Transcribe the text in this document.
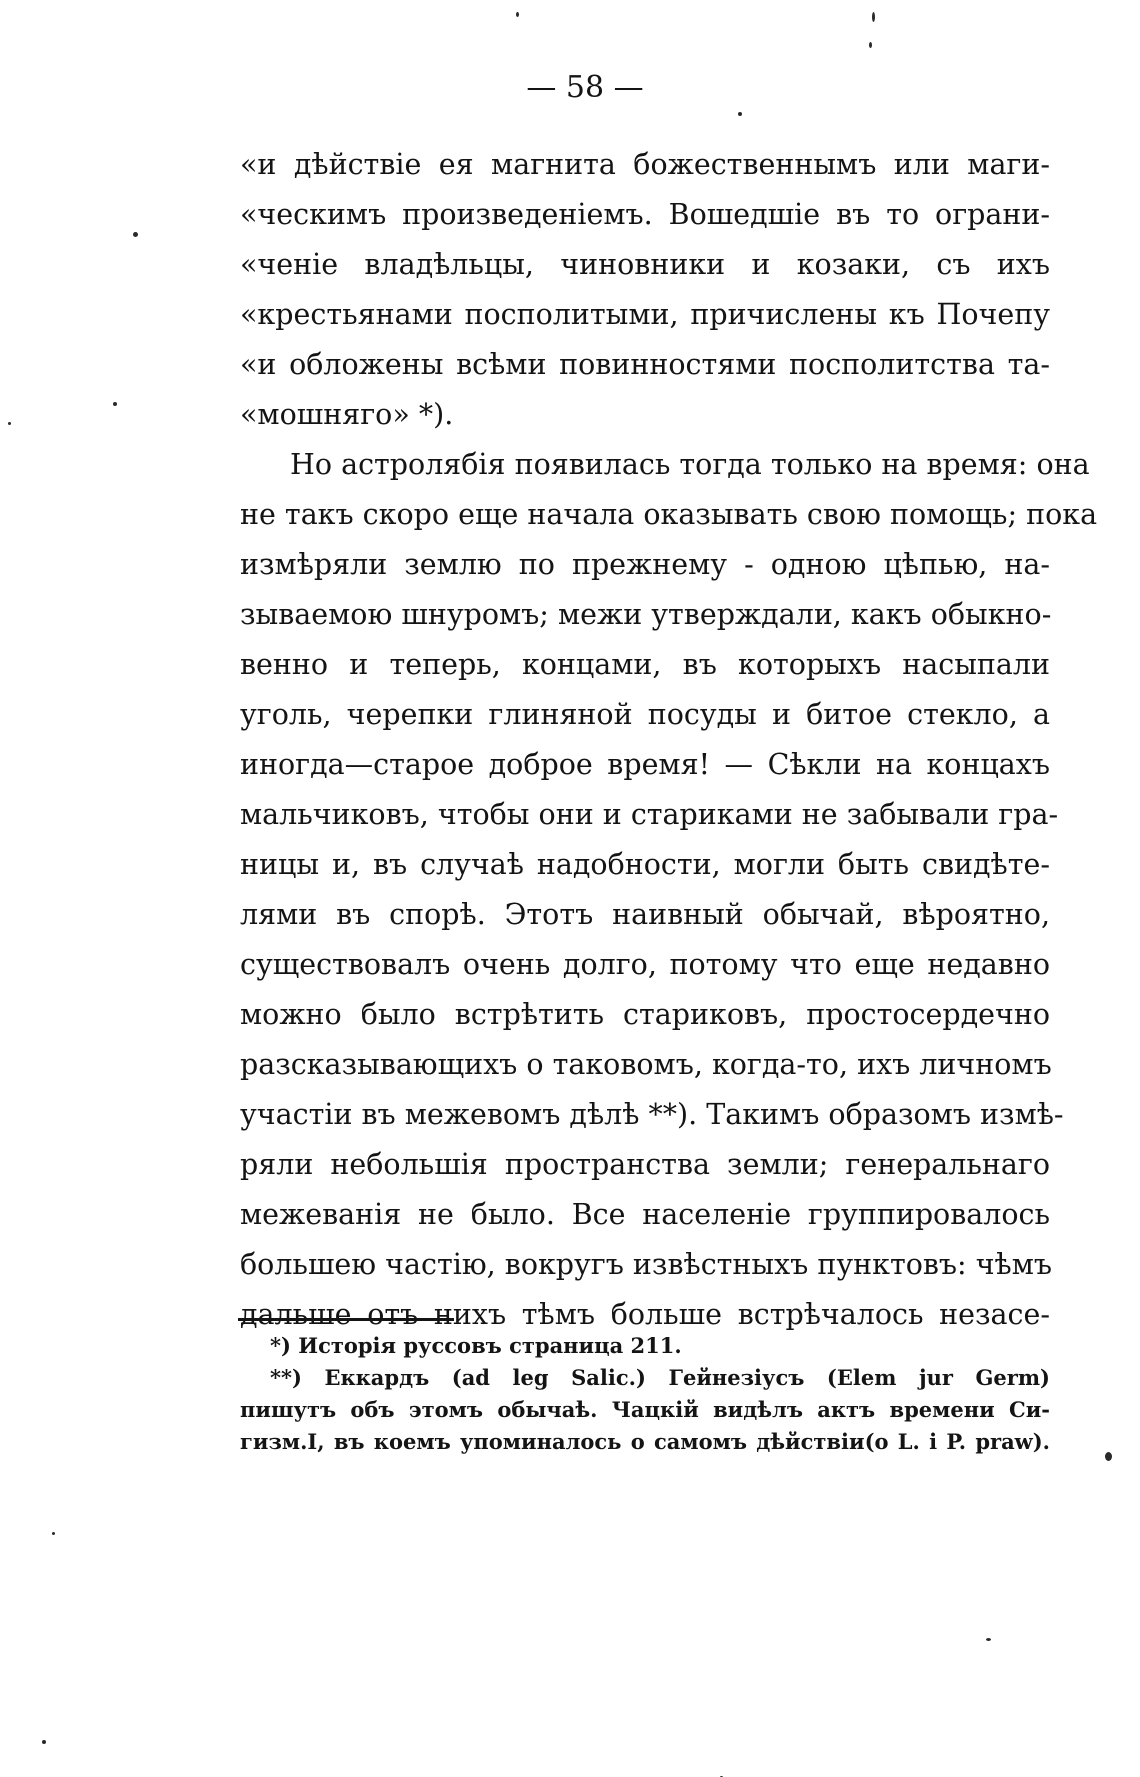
— 58 —
«и дѣйствіе ея магнита божественнымъ или маги-
«ческимъ произведеніемъ. Вошедшіе въ то ограни-
«ченіе владѣльцы, чиновники и козаки, съ ихъ
«крестьянами посполитыми, причислены къ Почепу
«и обложены всѣми повинностями посполитства та-
«мошняго» *).
Но астролябія появилась тогда только на время: она
не такъ скоро еще начала оказывать свою помощь; пока
измѣряли землю по прежнему - одною цѣпью, на-
зываемою шнуромъ; межи утверждали, какъ обыкно-
венно и теперь, концами, въ которыхъ насыпали
уголь, черепки глиняной посуды и битое стекло, а
иногда—старое доброе время! — Сѣкли на концахъ
мальчиковъ, чтобы они и стариками не забывали гра-
ницы и, въ случаѣ надобности, могли быть свидѣте-
лями въ спорѣ. Этотъ наивный обычай, вѣроятно,
существовалъ очень долго, потому что еще недавно
можно было встрѣтить стариковъ, простосердечно
разсказывающихъ о таковомъ, когда-то, ихъ личномъ
участіи въ межевомъ дѣлѣ **). Такимъ образомъ измѣ-
ряли небольшія пространства земли; генеральнаго
межеванія не было. Все населеніе группировалось
большею частію, вокругъ извѣстныхъ пунктовъ: чѣмъ
дальше отъ нихъ тѣмъ больше встрѣчалось незасе-
*) Исторія руссовъ страница 211.
**) Еккардъ (ad leg Salic.) Гейнезіусъ (Elem jur Germ)
пишутъ объ этомъ обычаѣ. Чацкій видѣлъ актъ времени Си-
гизм.I, въ коемъ упоминалось о самомъ дѣйствіи(о L. i P. praw).
